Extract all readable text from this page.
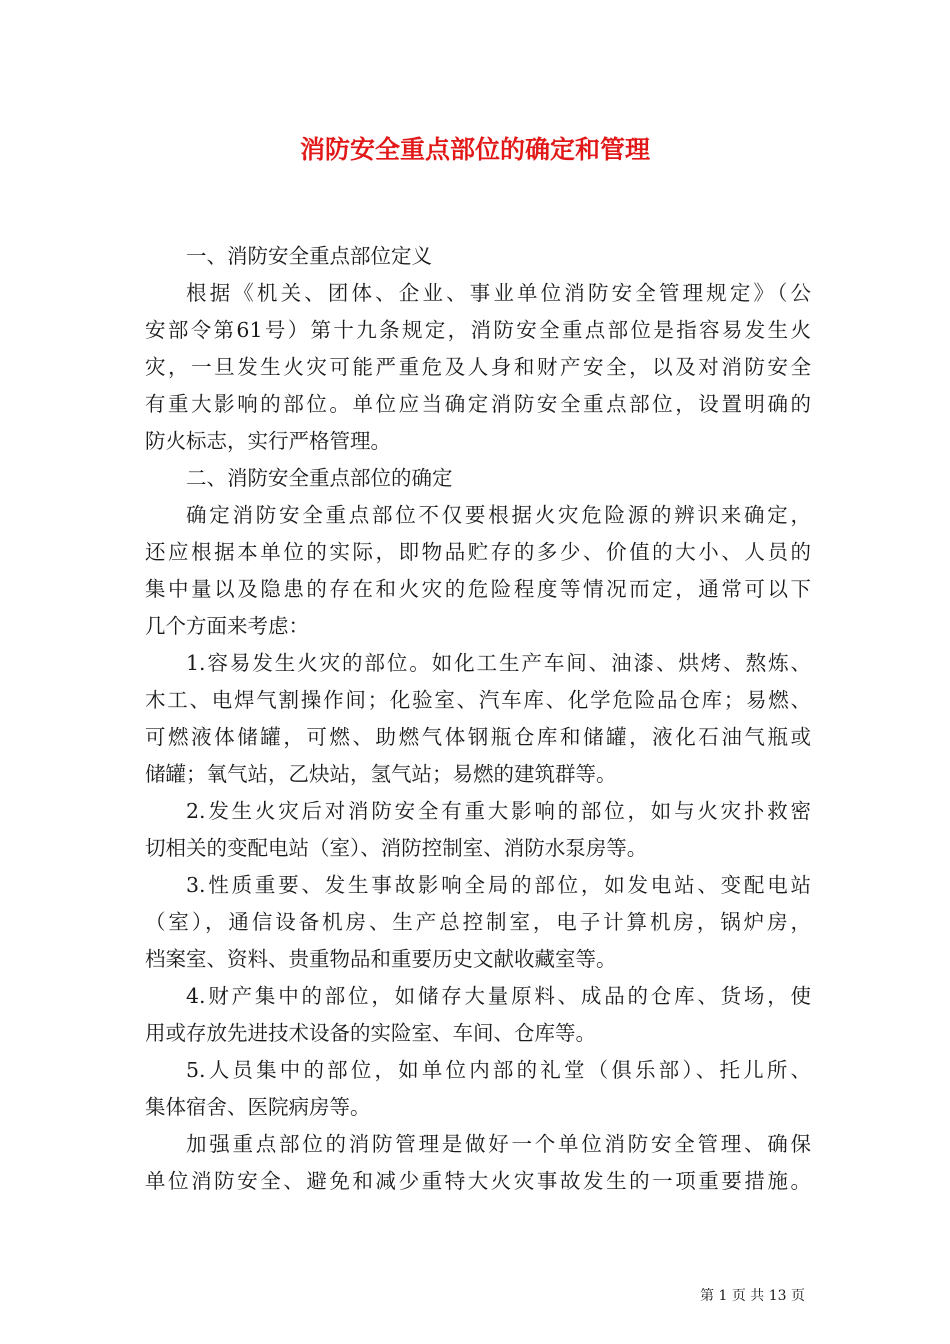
消防安全重点部位的确定和管理
一、消防安全重点部位定义
根据《机关、团体、企业、事业单位消防安全管理规定》（公
安部令第61号）第十九条规定，消防安全重点部位是指容易发生火
灾，一旦发生火灾可能严重危及人身和财产安全，以及对消防安全
有重大影响的部位。单位应当确定消防安全重点部位，设置明确的
防火标志，实行严格管理。
二、消防安全重点部位的确定
确定消防安全重点部位不仅要根据火灾危险源的辨识来确定，
还应根据本单位的实际，即物品贮存的多少、价值的大小、人员的
集中量以及隐患的存在和火灾的危险程度等情况而定，通常可以下
几个方面来考虑：
1.容易发生火灾的部位。如化工生产车间、油漆、烘烤、熬炼、
木工、电焊气割操作间；化验室、汽车库、化学危险品仓库；易燃、
可燃液体储罐，可燃、助燃气体钢瓶仓库和储罐，液化石油气瓶或
储罐；氧气站，乙炔站，氢气站；易燃的建筑群等。
2.发生火灾后对消防安全有重大影响的部位，如与火灾扑救密
切相关的变配电站（室）、消防控制室、消防水泵房等。
3.性质重要、发生事故影响全局的部位，如发电站、变配电站
（室），通信设备机房、生产总控制室，电子计算机房，锅炉房，
档案室、资料、贵重物品和重要历史文献收藏室等。
4.财产集中的部位，如储存大量原料、成品的仓库、货场，使
用或存放先进技术设备的实险室、车间、仓库等。
5.人员集中的部位，如单位内部的礼堂（俱乐部）、托儿所、
集体宿舍、医院病房等。
加强重点部位的消防管理是做好一个单位消防安全管理、确保
单位消防安全、避免和减少重特大火灾事故发生的一项重要措施。
第 1 页 共 13 页
